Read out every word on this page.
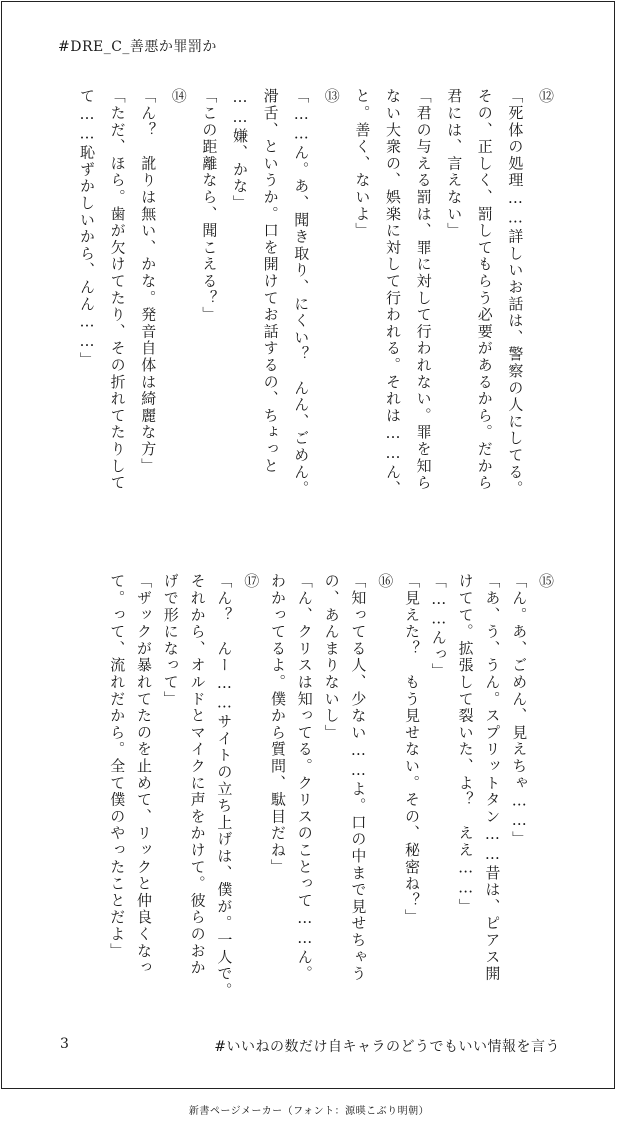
#DRE_C_善悪か罪罰か
⑫
「死体の処理……詳しいお話は、警察の人にしてる。
その、正しく、罰してもらう必要があるから。だから
君には、言えない」
「君の与える罰は、罪に対して行われない。罪を知ら
ない大衆の、娯楽に対して行われる。それは……ん、
と。善く、ないよ」
⑬
「……ん。あ、聞き取り、にくい？　んん、ごめん。
滑舌、というか。口を開けてお話するの、ちょっと
……嫌、かな」
「この距離なら、聞こえる？」
⑭
「ん？　訛りは無い、かな。発音自体は綺麗な方」
「ただ、ほら。歯が欠けてたり、その折れてたりして
て……恥ずかしいから、んん……」
⑮
「ん。あ、ごめん、見えちゃ……」
「あ、う、うん。スプリットタン……昔は、ピアス開
けてて。拡張して裂いた、よ？　ええ……」
「……んっ」
「見えた？　もう見せない。その、秘密ね？」
⑯
「知ってる人、少ない……よ。口の中まで見せちゃう
の、あんまりないし」
「ん、クリスは知ってる。クリスのことって……ん。
わかってるよ。僕から質問、駄目だね」
⑰
「ん？　んー……サイトの立ち上げは、僕が。一人で。
それから、オルドとマイクに声をかけて。彼らのおか
げで形になって」
「ザックが暴れてたのを止めて、リックと仲良くなっ
て。って、流れだから。全て僕のやったことだよ」
3	#いいねの数だけ自キャラのどうでもいい情報を言う
新書ページメーカー（フォント：源暎こぶり明朝）
